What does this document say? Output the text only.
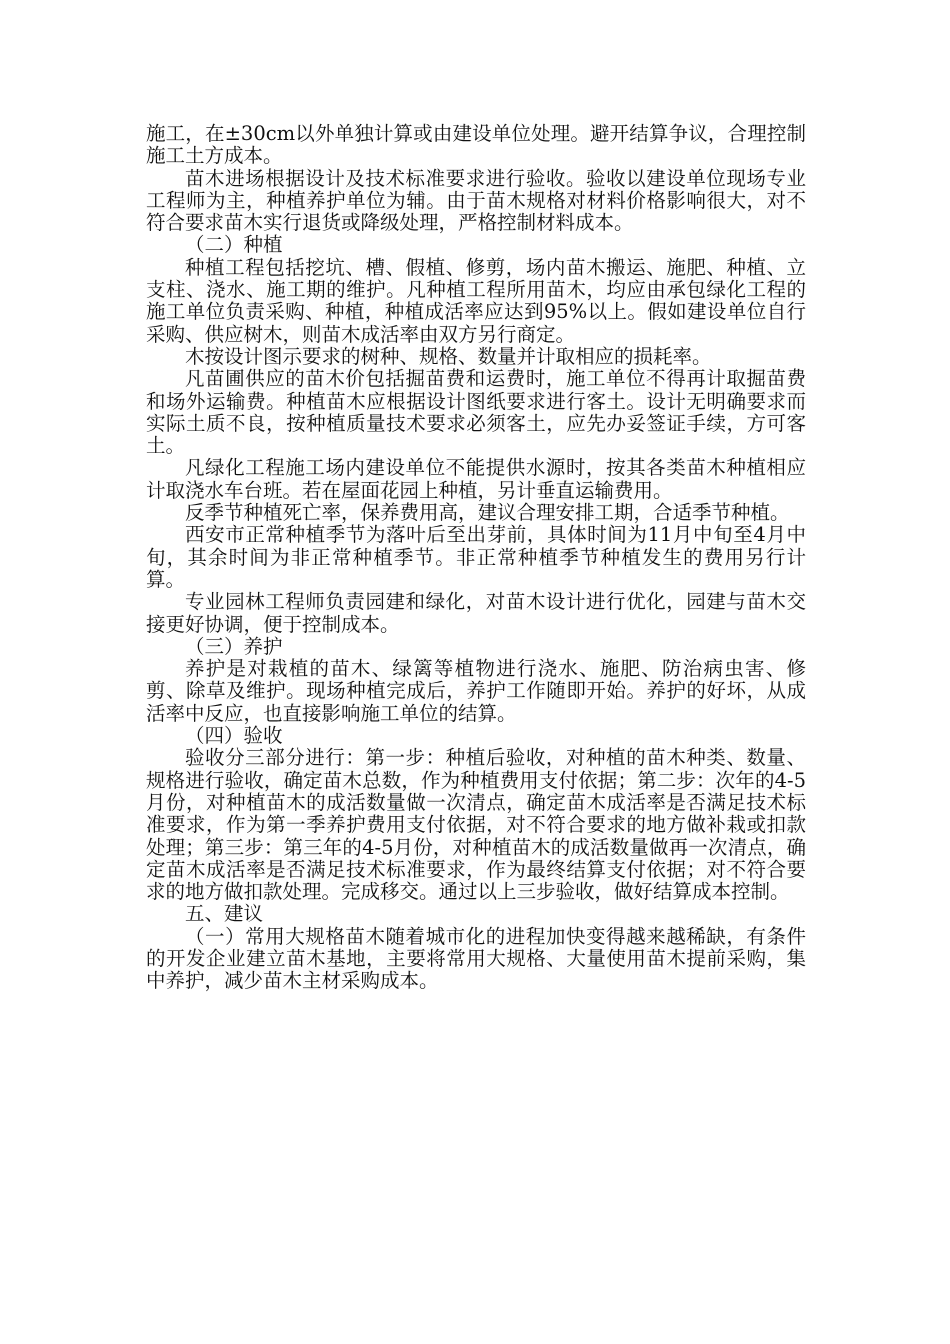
施工，在±30cm以外单独计算或由建设单位处理。避开结算争议，合理控制施工土方成本。

苗木进场根据设计及技术标准要求进行验收。验收以建设单位现场专业工程师为主，种植养护单位为辅。由于苗木规格对材料价格影响很大，对不符合要求苗木实行退货或降级处理，严格控制材料成本。

（二）种植

种植工程包括挖坑、槽、假植、修剪，场内苗木搬运、施肥、种植、立支柱、浇水、施工期的维护。凡种植工程所用苗木，均应由承包绿化工程的施工单位负责采购、种植，种植成活率应达到95%以上。假如建设单位自行采购、供应树木，则苗木成活率由双方另行商定。

木按设计图示要求的树种、规格、数量并计取相应的损耗率。

凡苗圃供应的苗木价包括掘苗费和运费时，施工单位不得再计取掘苗费和场外运输费。种植苗木应根据设计图纸要求进行客土。设计无明确要求而实际土质不良，按种植质量技术要求必须客土，应先办妥签证手续，方可客土。

凡绿化工程施工场内建设单位不能提供水源时，按其各类苗木种植相应计取浇水车台班。若在屋面花园上种植，另计垂直运输费用。

反季节种植死亡率，保养费用高，建议合理安排工期，合适季节种植。

西安市正常种植季节为落叶后至出芽前，具体时间为11月中旬至4月中旬，其余时间为非正常种植季节。非正常种植季节种植发生的费用另行计算。

专业园林工程师负责园建和绿化，对苗木设计进行优化，园建与苗木交接更好协调，便于控制成本。

（三）养护

养护是对栽植的苗木、绿篱等植物进行浇水、施肥、防治病虫害、修剪、除草及维护。现场种植完成后，养护工作随即开始。养护的好坏，从成活率中反应，也直接影响施工单位的结算。

（四）验收

验收分三部分进行：第一步：种植后验收，对种植的苗木种类、数量、规格进行验收，确定苗木总数，作为种植费用支付依据；第二步：次年的4-5月份，对种植苗木的成活数量做一次清点，确定苗木成活率是否满足技术标准要求，作为第一季养护费用支付依据，对不符合要求的地方做补栽或扣款处理；第三步：第三年的4-5月份，对种植苗木的成活数量做再一次清点，确定苗木成活率是否满足技术标准要求，作为最终结算支付依据；对不符合要求的地方做扣款处理。完成移交。通过以上三步验收，做好结算成本控制。

五、建议

（一）常用大规格苗木随着城市化的进程加快变得越来越稀缺，有条件的开发企业建立苗木基地，主要将常用大规格、大量使用苗木提前采购，集中养护，减少苗木主材采购成本。
